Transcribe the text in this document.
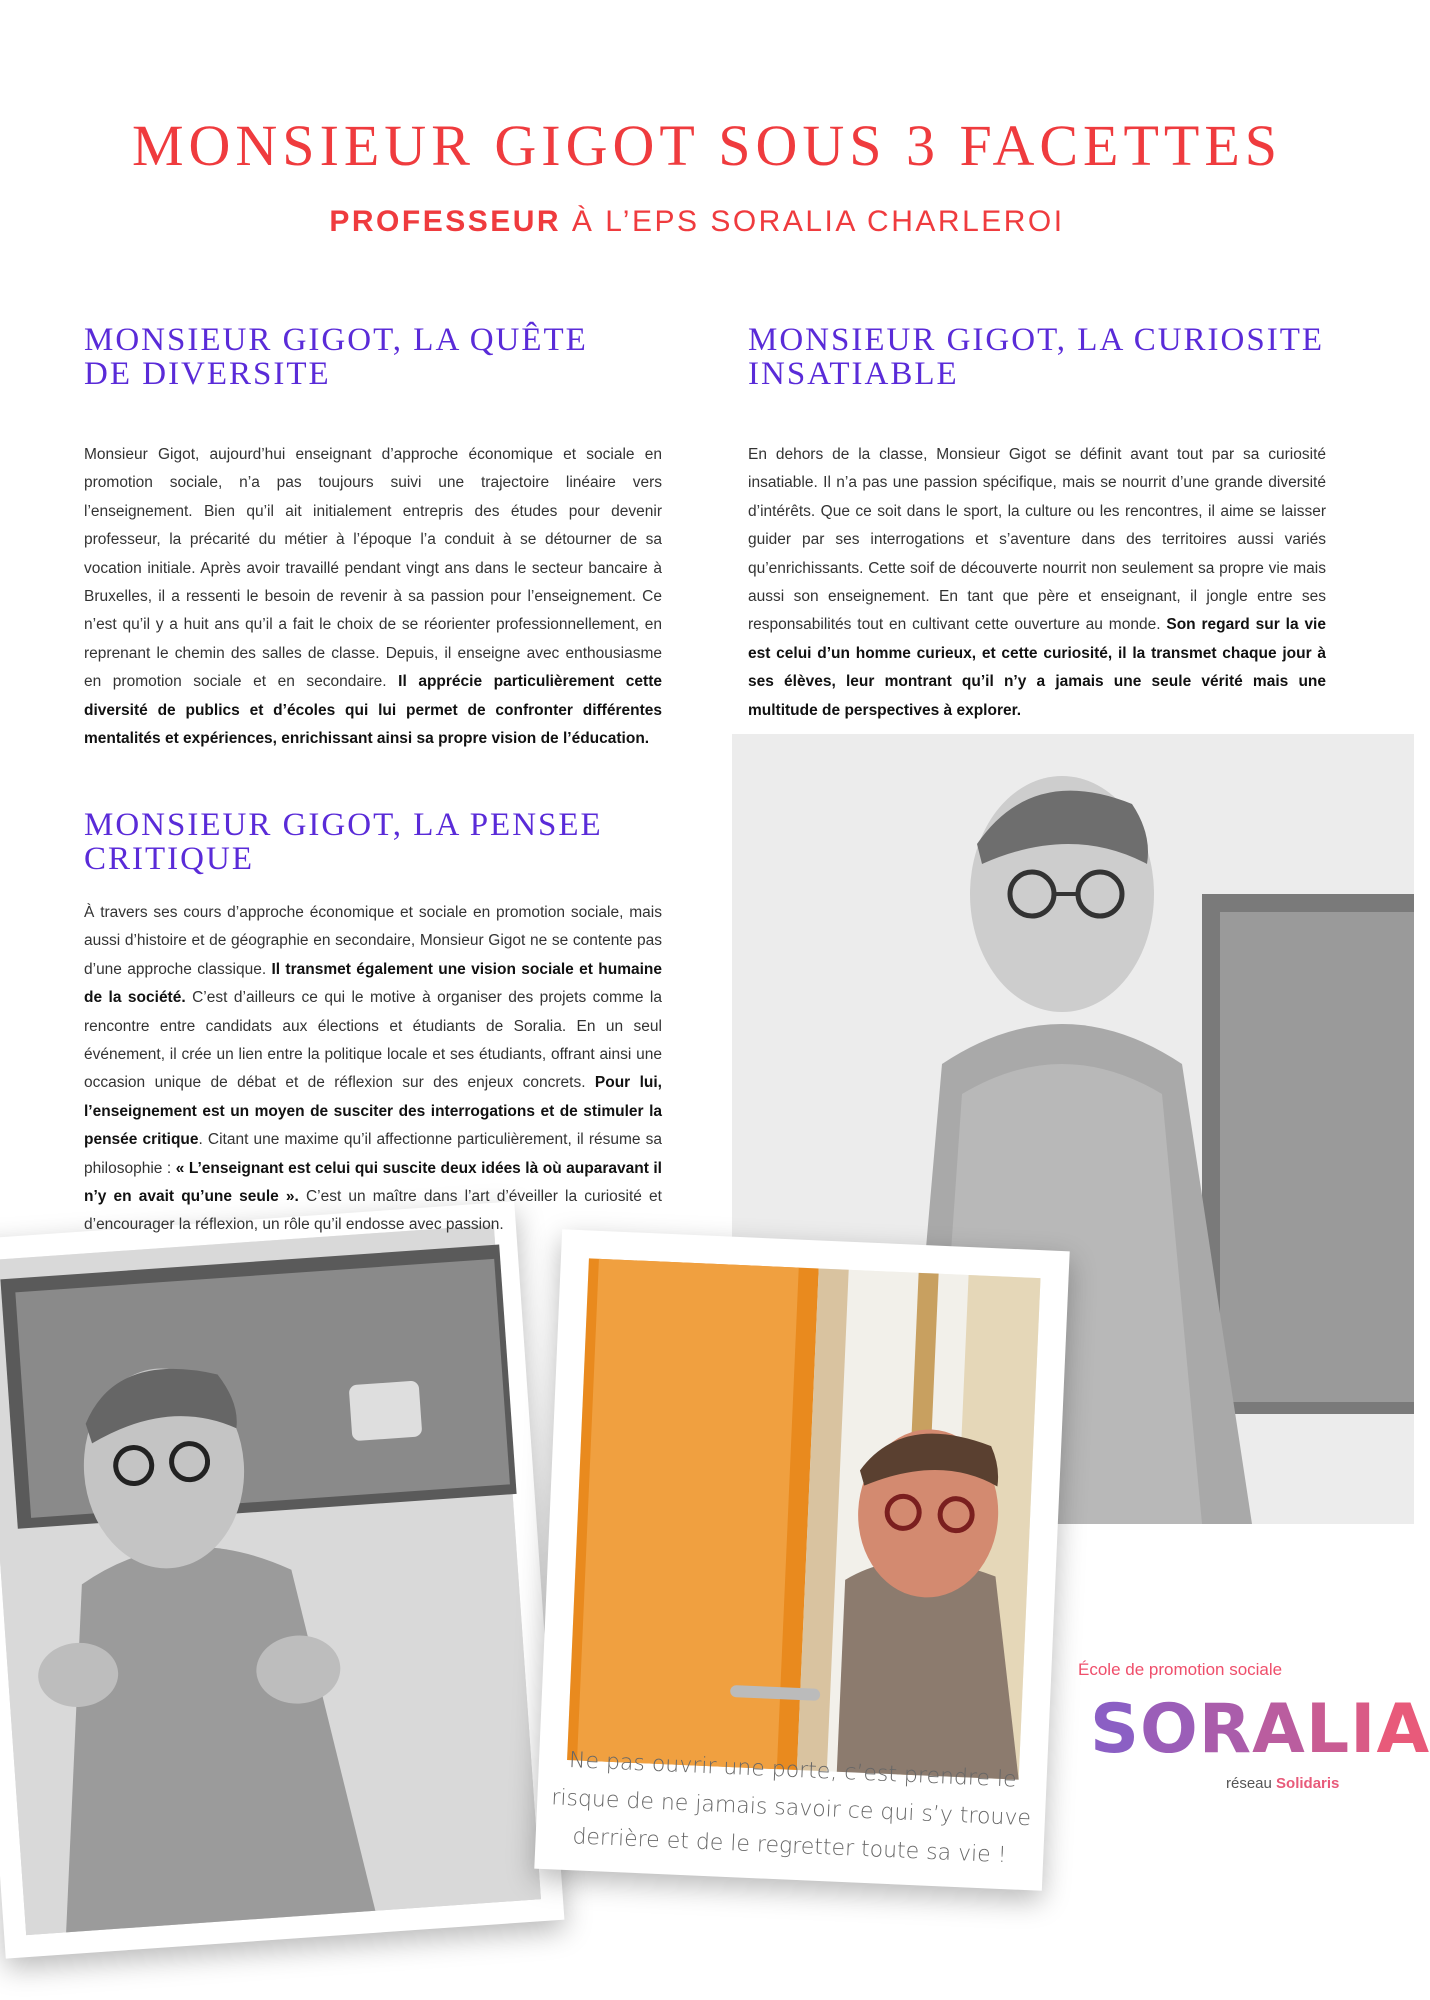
MONSIEUR GIGOT SOUS 3 FACETTES

PROFESSEUR À L’EPS SORALIA CHARLEROI

MONSIEUR GIGOT, LA QUÊTE DE DIVERSITE
MONSIEUR GIGOT, LA CURIOSITE INSATIABLE

Monsieur Gigot, aujourd’hui enseignant d’approche économique et sociale en promotion sociale, n’a pas toujours suivi une trajectoire linéaire vers l’enseignement. Bien qu’il ait initialement entrepris des études pour devenir professeur, la précarité du métier à l’époque l’a conduit à se détourner de sa vocation initiale. Après avoir travaillé pendant vingt ans dans le secteur bancaire à Bruxelles, il a ressenti le besoin de revenir à sa passion pour l’enseignement. Ce n’est qu’il y a huit ans qu’il a fait le choix de se réorienter professionnellement, en reprenant le chemin des salles de classe. Depuis, il enseigne avec enthousiasme en promotion sociale et en secondaire. Il apprécie particulièrement cette diversité de publics et d’écoles qui lui permet de confronter différentes mentalités et expériences, enrichissant ainsi sa propre vision de l’éducation.

En dehors de la classe, Monsieur Gigot se définit avant tout par sa curiosité insatiable. Il n’a pas une passion spécifique, mais se nourrit d’une grande diversité d’intérêts. Que ce soit dans le sport, la culture ou les rencontres, il aime se laisser guider par ses interrogations et s’aventure dans des territoires aussi variés qu’enrichissants. Cette soif de découverte nourrit non seulement sa propre vie mais aussi son enseignement. En tant que père et enseignant, il jongle entre ses responsabilités tout en cultivant cette ouverture au monde. Son regard sur la vie est celui d’un homme curieux, et cette curiosité, il la transmet chaque jour à ses élèves, leur montrant qu’il n’y a jamais une seule vérité mais une multitude de perspectives à explorer.

MONSIEUR GIGOT, LA PENSEE CRITIQUE
Ne pas ouvrir une porte, c’est prendre le risque de ne jamais savoir ce qui s’y trouve derrière et de le regretter toute sa vie !

À travers ses cours d’approche économique et sociale en promotion sociale, mais aussi d’histoire et de géographie en secondaire, Monsieur Gigot ne se contente pas d’une approche classique. Il transmet également une vision sociale et humaine de la société. C’est d’ailleurs ce qui le motive à organiser des projets comme la rencontre entre candidats aux élections et étudiants de Soralia. En un seul événement, il crée un lien entre la politique locale et ses étudiants, offrant ainsi une occasion unique de débat et de réflexion sur des enjeux concrets. Pour lui, l’enseignement est un moyen de susciter des interrogations et de stimuler la pensée critique. Citant une maxime qu’il affectionne particulièrement, il résume sa philosophie : « L’enseignant est celui qui suscite deux idées là où auparavant il n’y en avait qu’une seule ». C’est un maître dans l’art d’éveiller la curiosité et d’encourager la réflexion, un rôle qu’il endosse avec passion.

École de promotion sociale

SORALIA

réseau Solidaris
